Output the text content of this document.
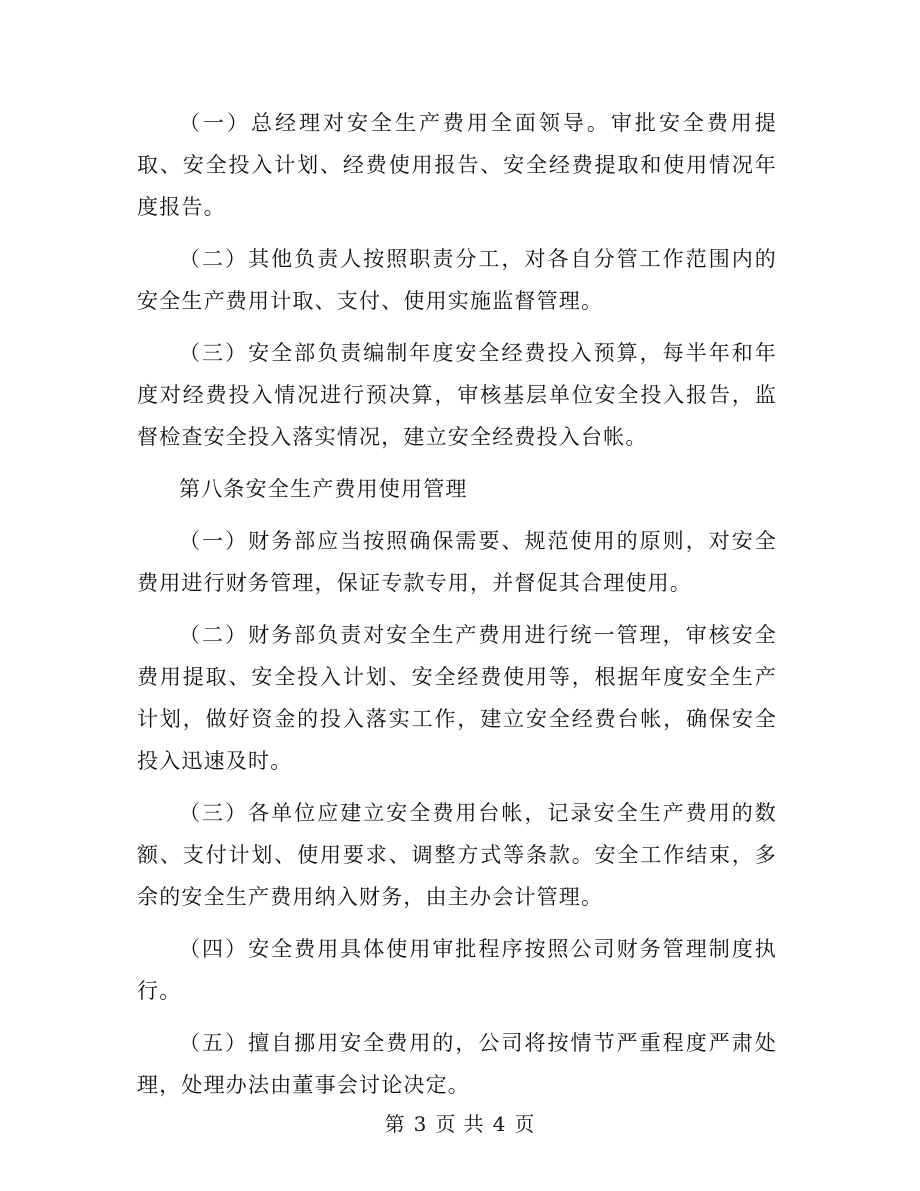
（一）总经理对安全生产费用全面领导。审批安全费用提取、安全投入计划、经费使用报告、安全经费提取和使用情况年度报告。

（二）其他负责人按照职责分工，对各自分管工作范围内的安全生产费用计取、支付、使用实施监督管理。

（三）安全部负责编制年度安全经费投入预算，每半年和年度对经费投入情况进行预决算，审核基层单位安全投入报告，监督检查安全投入落实情况，建立安全经费投入台帐。

第八条安全生产费用使用管理

（一）财务部应当按照确保需要、规范使用的原则，对安全费用进行财务管理，保证专款专用，并督促其合理使用。

（二）财务部负责对安全生产费用进行统一管理，审核安全费用提取、安全投入计划、安全经费使用等，根据年度安全生产计划，做好资金的投入落实工作，建立安全经费台帐，确保安全投入迅速及时。

（三）各单位应建立安全费用台帐，记录安全生产费用的数额、支付计划、使用要求、调整方式等条款。安全工作结束，多余的安全生产费用纳入财务，由主办会计管理。

（四）安全费用具体使用审批程序按照公司财务管理制度执行。

（五）擅自挪用安全费用的，公司将按情节严重程度严肃处理，处理办法由董事会讨论决定。

第 3 页 共 4 页
